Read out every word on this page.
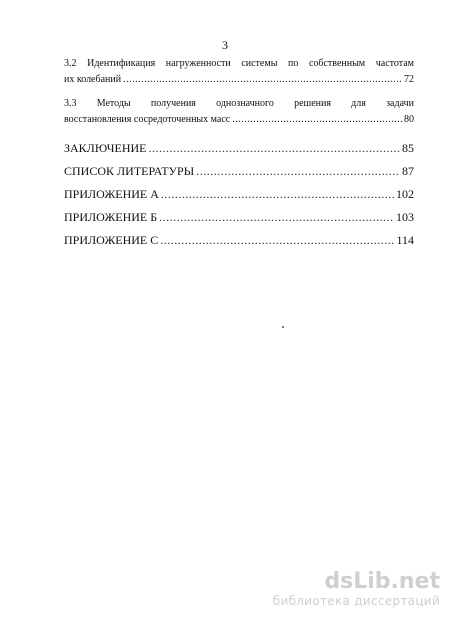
3
3.2 Идентификация нагруженности системы по собственным частотам
их колебаний .....	72
3.3 Методы получения однозначного решения для задачи
восстановления сосредоточенных масс .....	80
ЗАКЛЮЧЕНИЕ .....	85
СПИСОК ЛИТЕРАТУРЫ .....	87
ПРИЛОЖЕНИЕ А .....	102
ПРИЛОЖЕНИЕ Б .....	103
ПРИЛОЖЕНИЕ С .....	114
dsLib.net
библиотека диссертаций
